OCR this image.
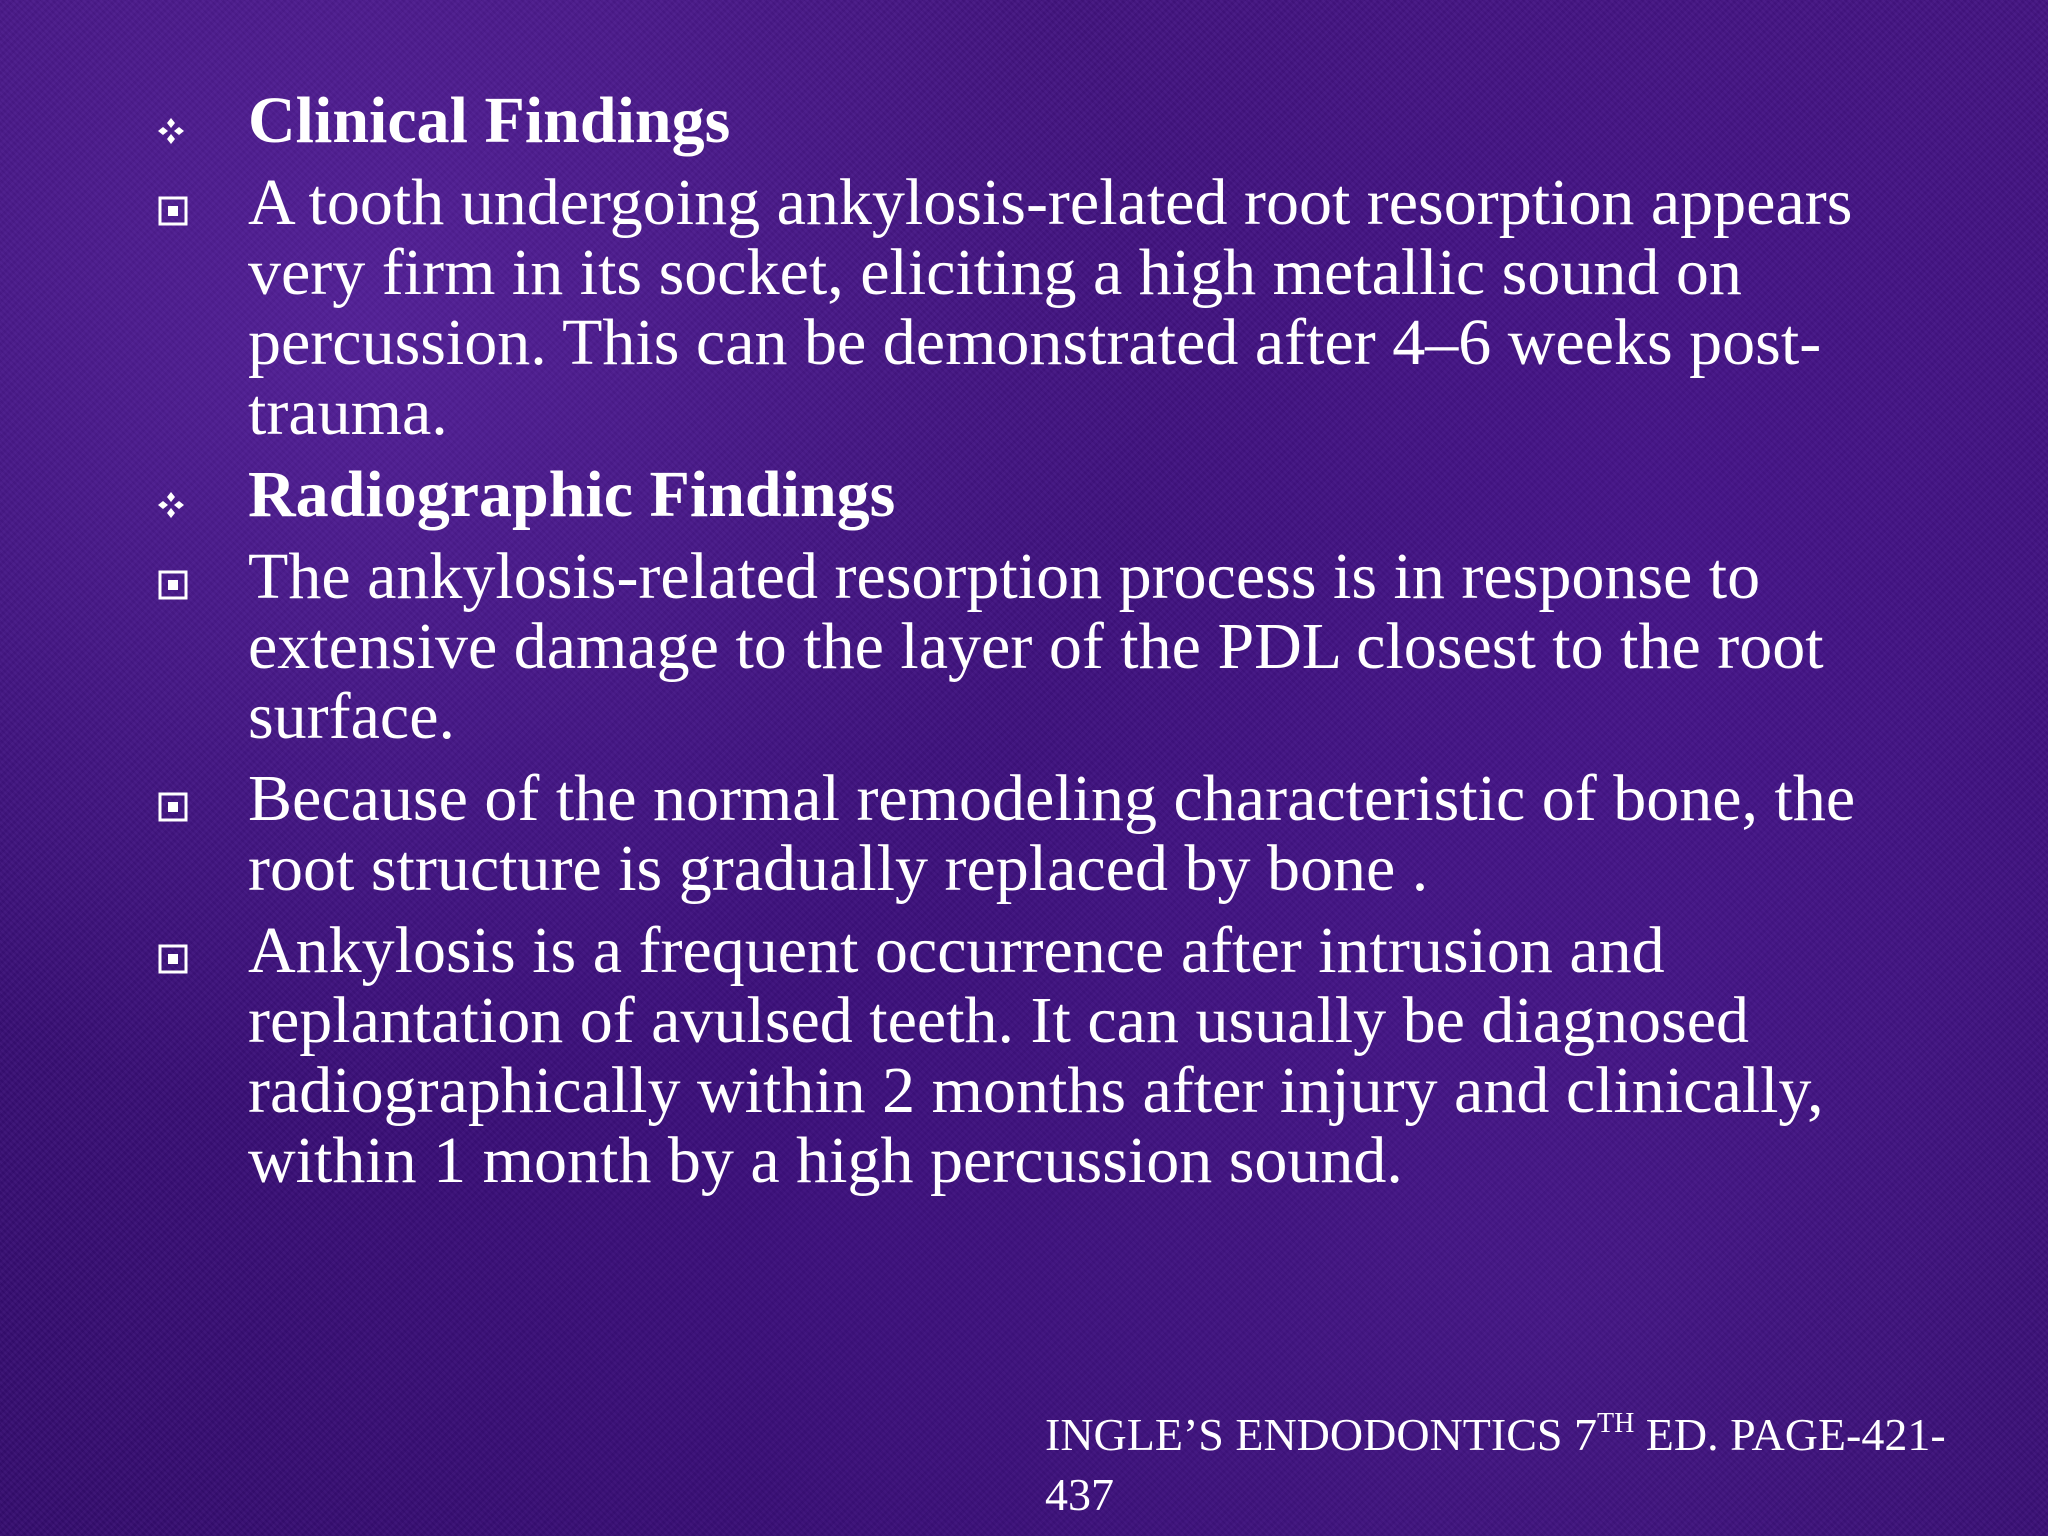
Clinical Findings
A tooth undergoing ankylosis-related root resorption appears very firm in its socket, eliciting a high metallic sound on percussion. This can be demonstrated after 4–6 weeks post-trauma.
Radiographic Findings
The ankylosis-related resorption process is in response to extensive damage to the layer of the PDL closest to the root surface.
Because of the normal remodeling characteristic of bone, the root structure is gradually replaced by bone .
Ankylosis is a frequent occurrence after intrusion and replantation of avulsed teeth. It can usually be diagnosed radiographically within 2 months after injury and clinically, within 1 month by a high percussion sound.
INGLE’S ENDODONTICS 7TH ED. PAGE-421-437
